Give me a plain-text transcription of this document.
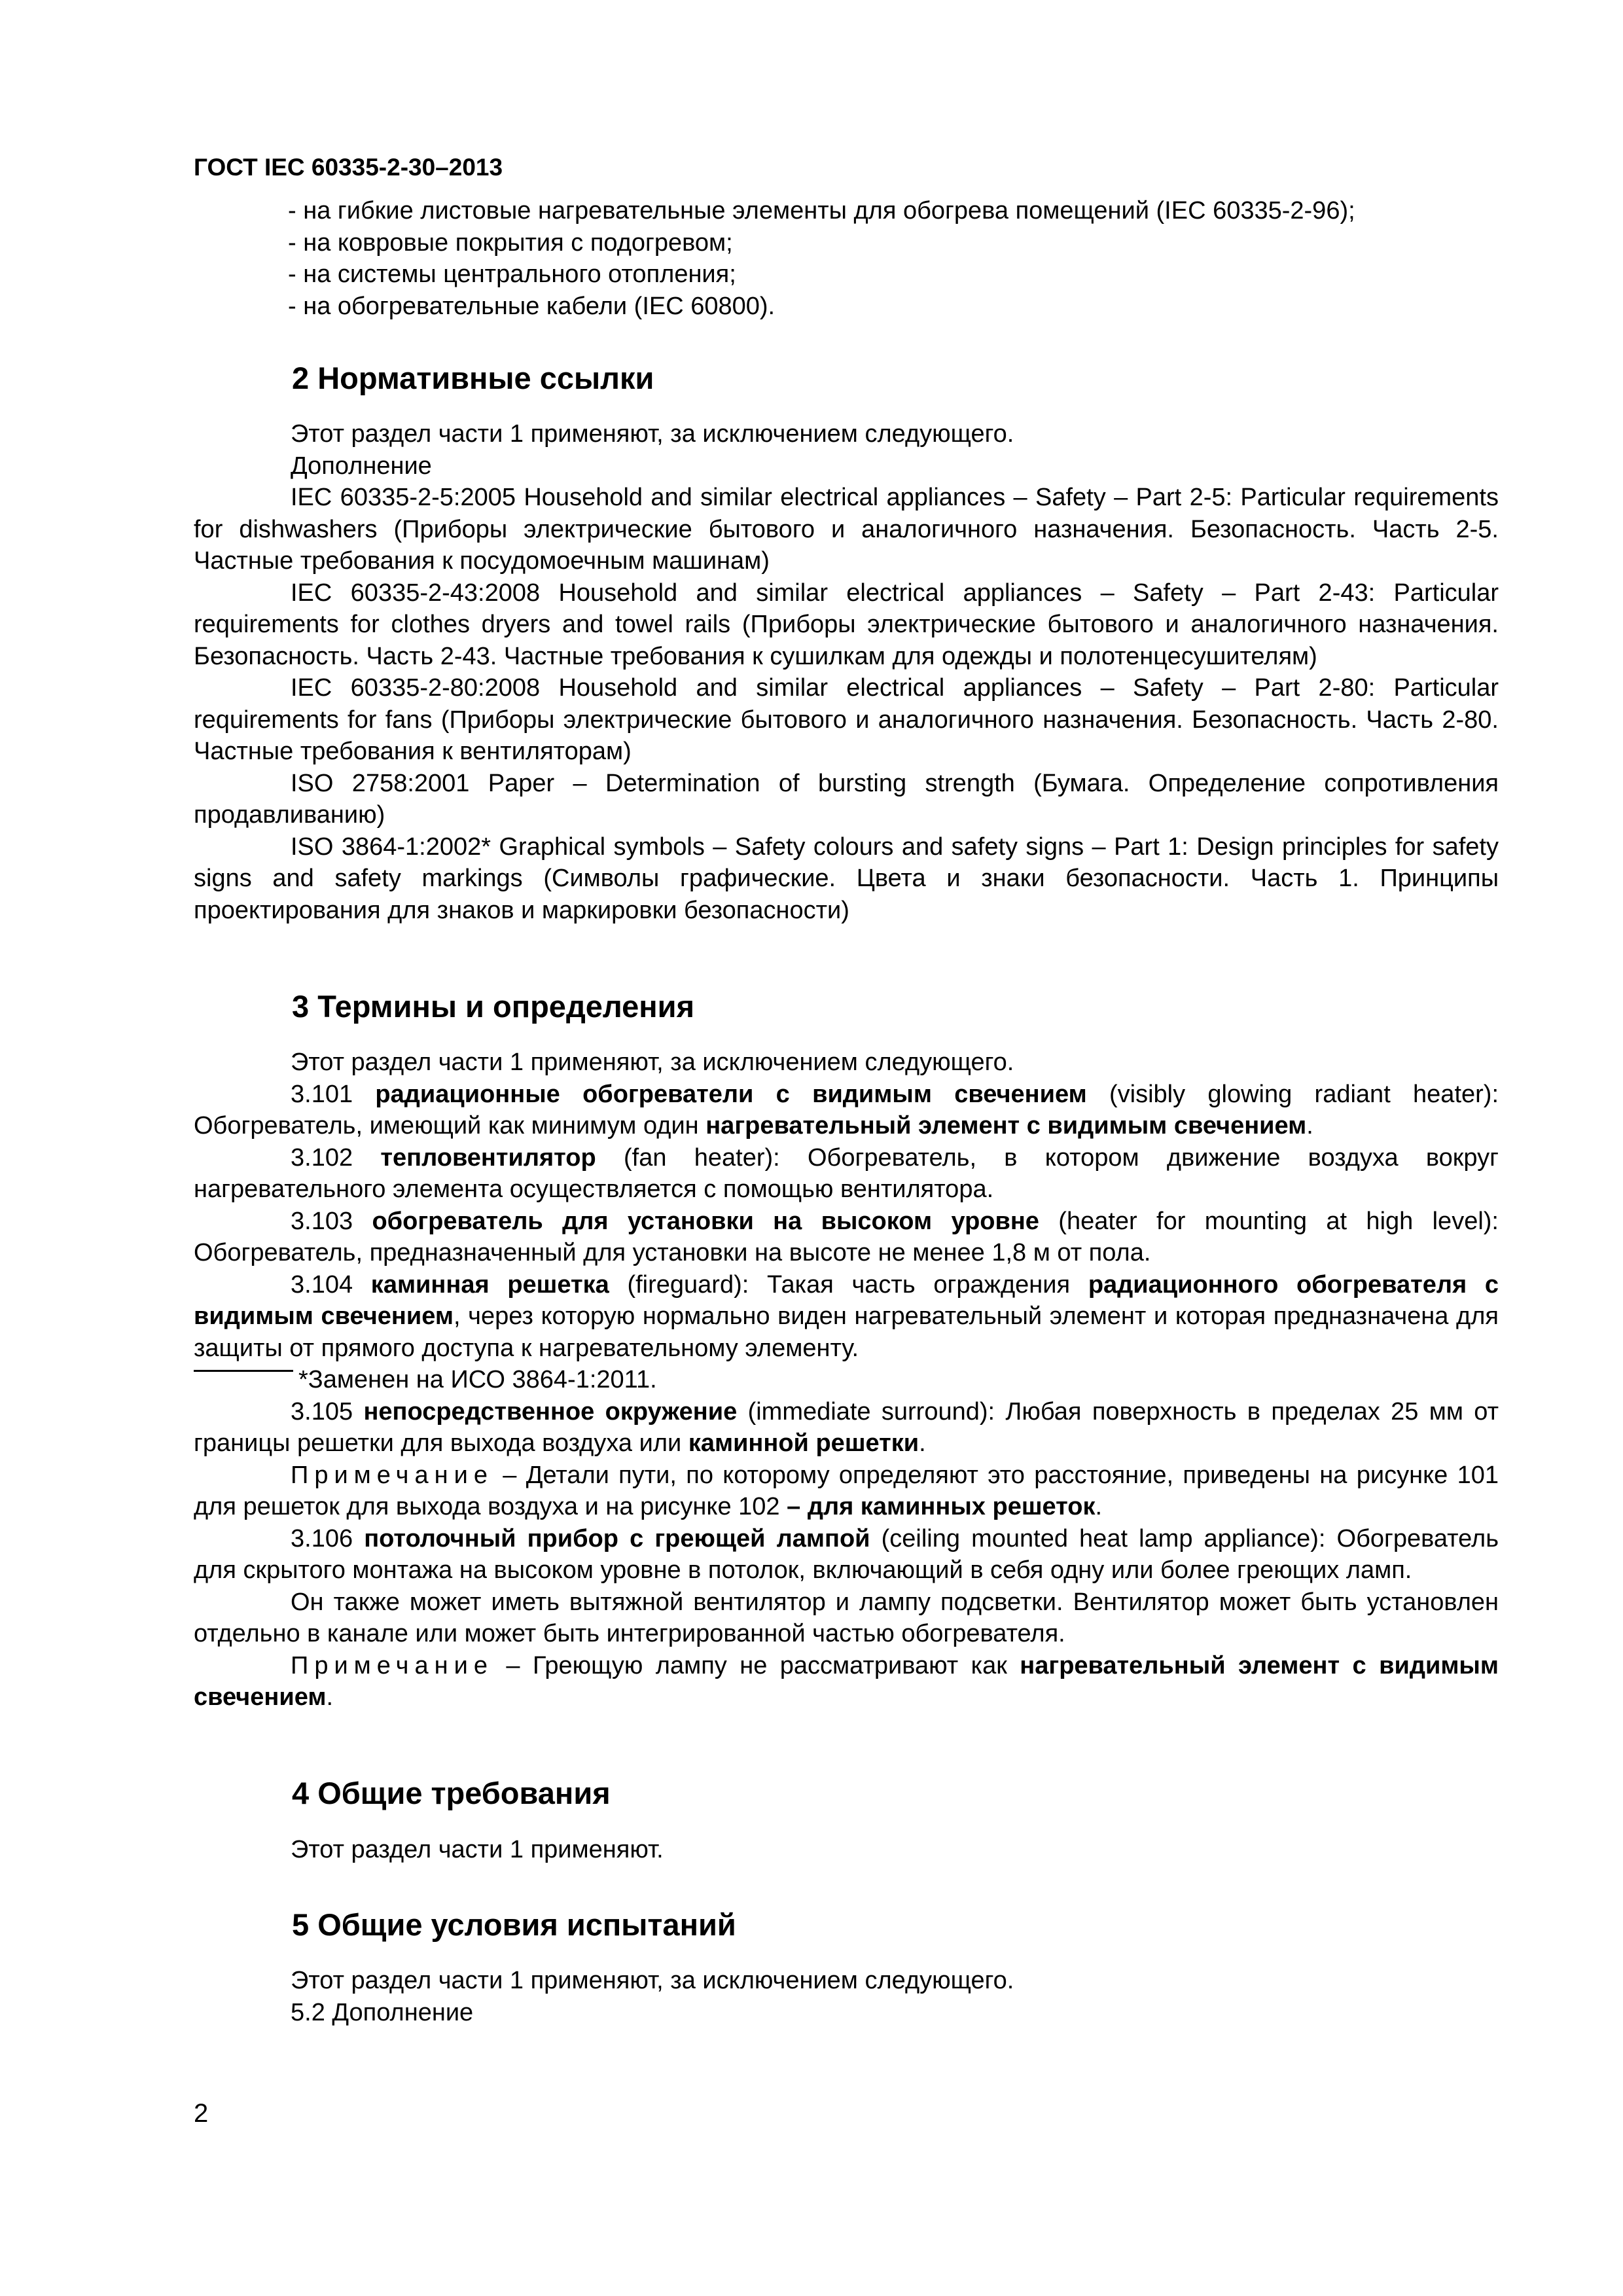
ГОСТ IEC 60335-2-30–2013
- на гибкие листовые нагревательные элементы для обогрева помещений (IEC 60335-2-96);
- на ковровые покрытия с подогревом;
- на системы центрального отопления;
- на обогревательные кабели (IEC 60800).
2 Нормативные ссылки
Этот раздел части 1 применяют, за исключением следующего.
Дополнение
IEC 60335-2-5:2005 Household and similar electrical appliances – Safety – Part 2-5: Particular requirements for dishwashers (Приборы электрические бытового и аналогичного назначения. Безопасность. Часть 2-5. Частные требования к посудомоечным машинам)
IEC 60335-2-43:2008 Household and similar electrical appliances – Safety – Part 2-43: Particular requirements for clothes dryers and towel rails (Приборы электрические бытового и аналогичного назначения. Безопасность. Часть 2-43. Частные требования к сушилкам для одежды и полотенцесушителям)
IEC 60335-2-80:2008 Household and similar electrical appliances – Safety – Part 2-80: Particular requirements for fans (Приборы электрические бытового и аналогичного назначения. Безопасность. Часть 2-80. Частные требования к вентиляторам)
ISO 2758:2001 Paper – Determination of bursting strength (Бумага. Определение сопротивления продавливанию)
ISO 3864-1:2002* Graphical symbols – Safety colours and safety signs – Part 1: Design principles for safety signs and safety markings (Символы графические. Цвета и знаки безопасности. Часть 1. Принципы проектирования для знаков и маркировки безопасности)
3 Термины и определения
Этот раздел части 1 применяют, за исключением следующего.
3.101 радиационные обогреватели с видимым свечением (visibly glowing radiant heater): Обогреватель, имеющий как минимум один нагревательный элемент с видимым свечением.
3.102 тепловентилятор (fan heater): Обогреватель, в котором движение воздуха вокруг нагревательного элемента осуществляется с помощью вентилятора.
3.103 обогреватель для установки на высоком уровне (heater for mounting at high level): Обогреватель, предназначенный для установки на высоте не менее 1,8 м от пола.
3.104 каминная решетка (fireguard): Такая часть ограждения радиационного обогревателя с видимым свечением, через которую нормально виден нагревательный элемент и которая предназначена для защиты от прямого доступа к нагревательному элементу.
*Заменен на ИСО 3864-1:2011.
3.105 непосредственное окружение (immediate surround): Любая поверхность в пределах 25 мм от границы решетки для выхода воздуха или каминной решетки.
Примечание – Детали пути, по которому определяют это расстояние, приведены на рисунке 101 для решеток для выхода воздуха и на рисунке 102 – для каминных решеток.
3.106 потолочный прибор с греющей лампой (ceiling mounted heat lamp appliance): Обогреватель для скрытого монтажа на высоком уровне в потолок, включающий в себя одну или более греющих ламп.
Он также может иметь вытяжной вентилятор и лампу подсветки. Вентилятор может быть установлен отдельно в канале или может быть интегрированной частью обогревателя.
Примечание – Греющую лампу не рассматривают как нагревательный элемент с видимым свечением.
4 Общие требования
Этот раздел части 1 применяют.
5 Общие условия испытаний
Этот раздел части 1 применяют, за исключением следующего.
5.2 Дополнение
2
